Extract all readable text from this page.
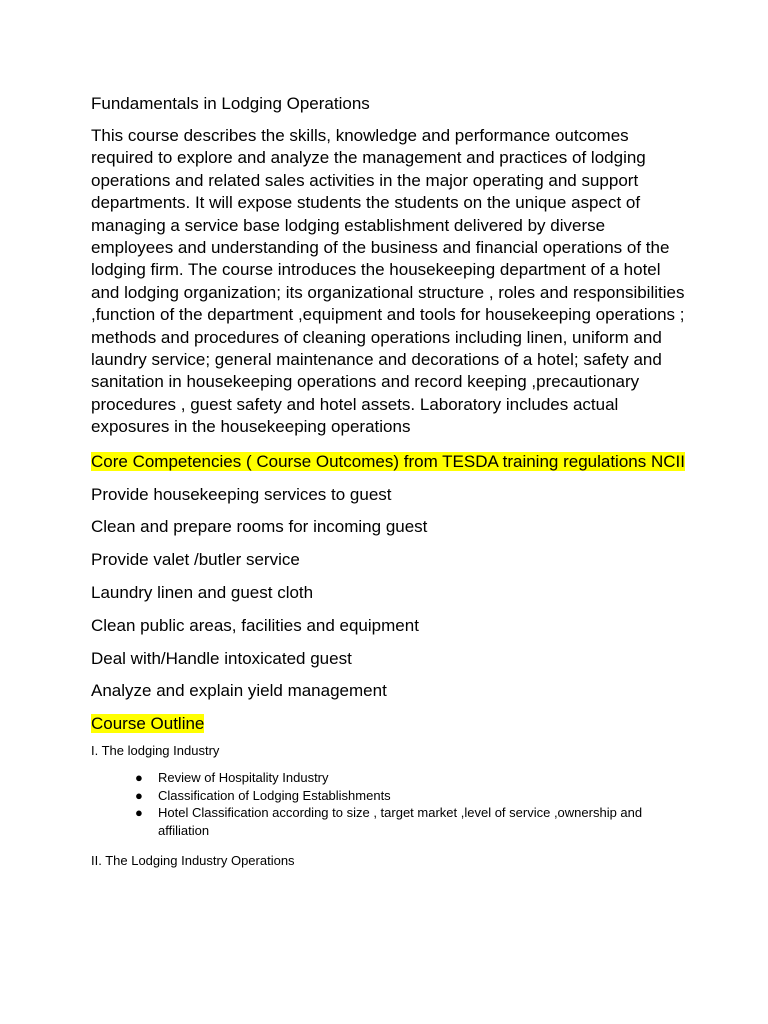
Fundamentals in Lodging Operations

This course describes the skills, knowledge and performance outcomes required to explore and analyze the management and practices of lodging operations and related sales activities in the major operating and support departments. It will expose students the students on the unique aspect of managing a service base lodging establishment delivered by diverse employees and understanding of the business and financial operations of the lodging firm. The course introduces the housekeeping department of a hotel and lodging organization; its organizational structure , roles and responsibilities ,function of the department ,equipment and tools for housekeeping operations ; methods and procedures of cleaning operations including linen, uniform and laundry service; general maintenance and decorations of a hotel; safety and sanitation in housekeeping operations and record keeping ,precautionary procedures , guest safety and hotel assets. Laboratory includes actual exposures in the housekeeping operations

Core Competencies ( Course Outcomes) from TESDA training regulations NCII
Provide housekeeping services to guest
Clean and prepare rooms for incoming guest
Provide valet /butler service
Laundry linen and guest cloth
Clean public areas, facilities and equipment
Deal with/Handle intoxicated guest
Analyze and explain yield management
Course Outline
I. The lodging Industry
● Review of Hospitality Industry
● Classification of Lodging Establishments
● Hotel Classification according to size , target market ,level of service ,ownership and affiliation
II. The Lodging Industry Operations
